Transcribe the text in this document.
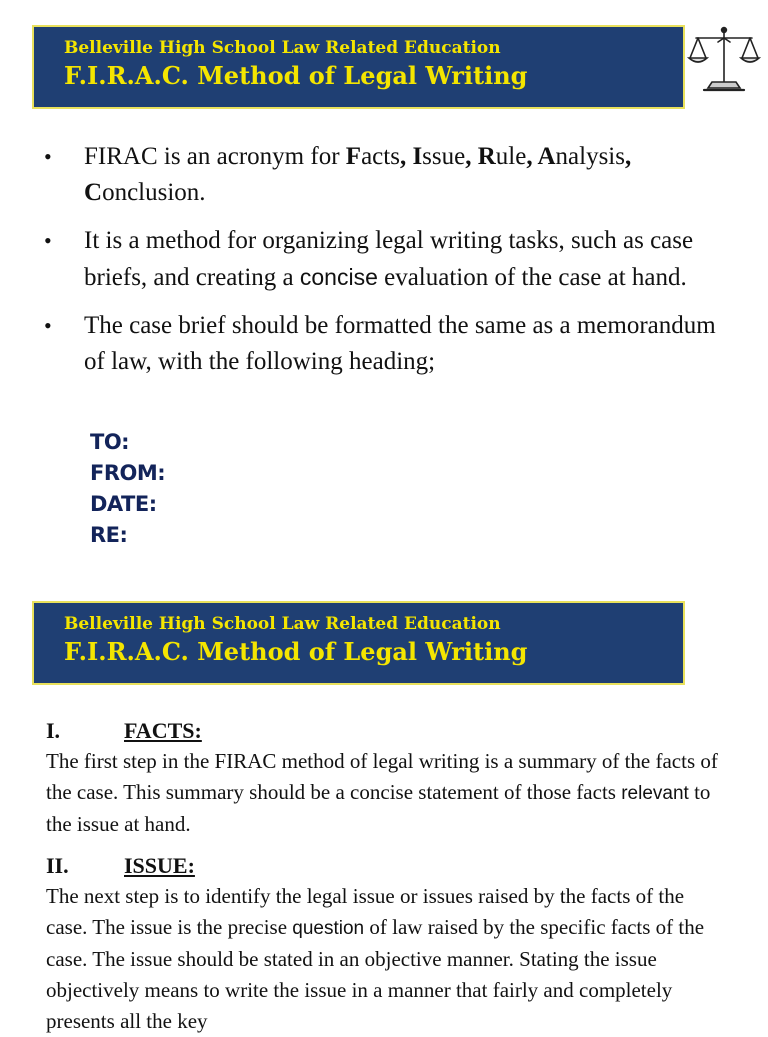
Belleville High School Law Related Education
F.I.R.A.C. Method of Legal Writing
• FIRAC is an acronym for Facts, Issue, Rule, Analysis, Conclusion.
• It is a method for organizing legal writing tasks, such as case briefs, and creating a concise evaluation of the case at hand.
• The case brief should be formatted the same as a memorandum of law, with the following heading;
TO:
FROM:
DATE:
RE:
Belleville High School Law Related Education
F.I.R.A.C. Method of Legal Writing
I.	FACTS:
The first step in the FIRAC method of legal writing is a summary of the facts of the case. This summary should be a concise statement of those facts relevant to the issue at hand.
II.	ISSUE:
The next step is to identify the legal issue or issues raised by the facts of the case. The issue is the precise question of law raised by the specific facts of the case. The issue should be stated in an objective manner. Stating the issue objectively means to write the issue in a manner that fairly and completely presents all the key
